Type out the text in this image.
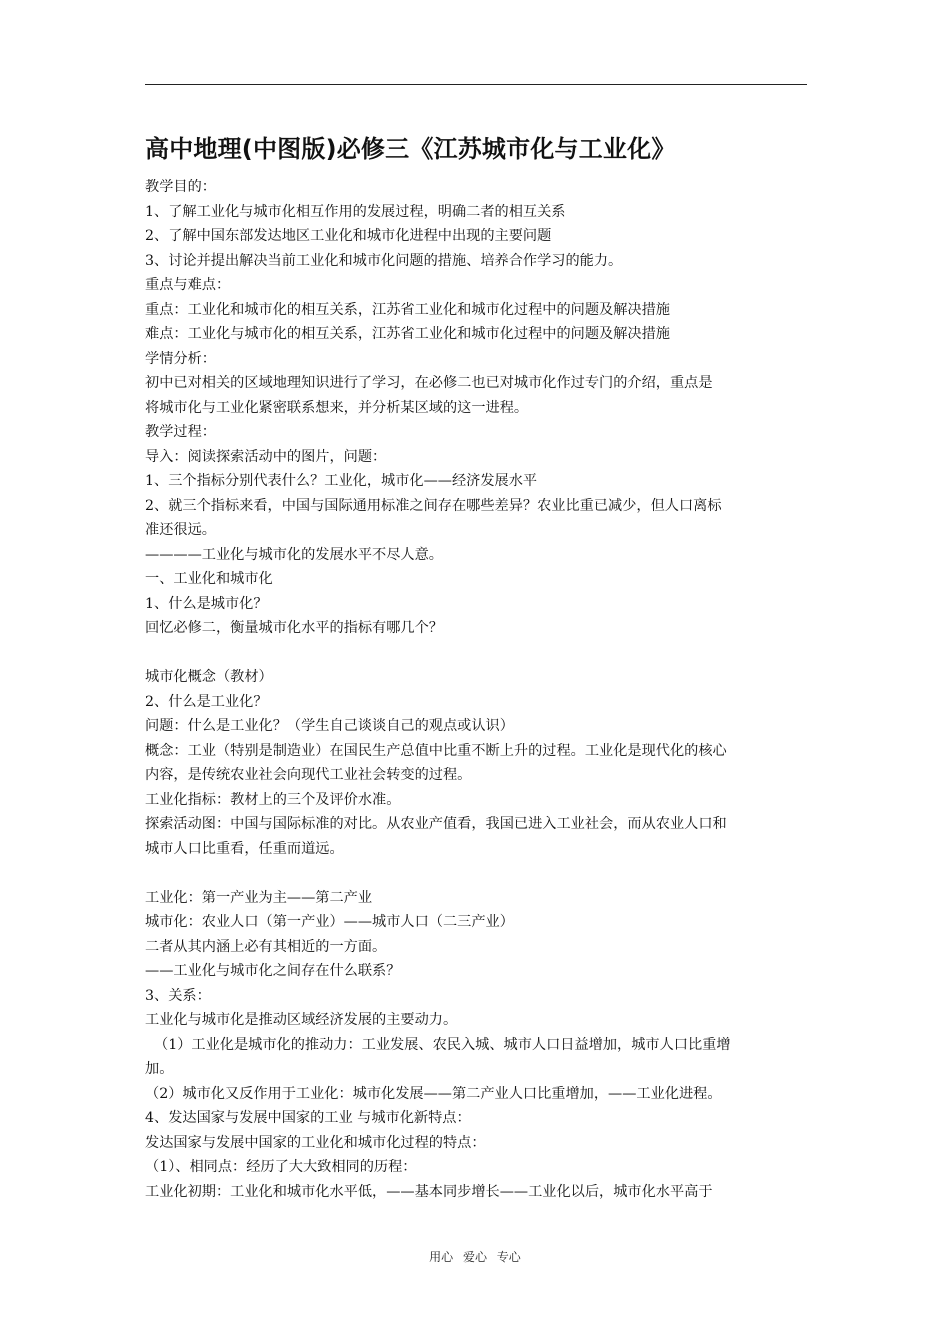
高中地理(中图版)必修三《江苏城市化与工业化》
教学目的：
1、了解工业化与城市化相互作用的发展过程，明确二者的相互关系
2、了解中国东部发达地区工业化和城市化进程中出现的主要问题
3、讨论并提出解决当前工业化和城市化问题的措施、培养合作学习的能力。
重点与难点：
重点：工业化和城市化的相互关系，江苏省工业化和城市化过程中的问题及解决措施
难点：工业化与城市化的相互关系，江苏省工业化和城市化过程中的问题及解决措施
学情分析：
初中已对相关的区域地理知识进行了学习，在必修二也已对城市化作过专门的介绍，重点是
将城市化与工业化紧密联系想来，并分析某区域的这一进程。
教学过程：
导入：阅读探索活动中的图片，问题：
1、三个指标分别代表什么？工业化，城市化——经济发展水平
2、就三个指标来看，中国与国际通用标准之间存在哪些差异？农业比重已减少，但人口离标
准还很远。
————工业化与城市化的发展水平不尽人意。
一、工业化和城市化
1、什么是城市化？
回忆必修二，衡量城市化水平的指标有哪几个？
城市化概念（教材）
2、什么是工业化？
问题：什么是工业化？（学生自己谈谈自己的观点或认识）
概念：工业（特别是制造业）在国民生产总值中比重不断上升的过程。工业化是现代化的核心
内容，是传统农业社会向现代工业社会转变的过程。
工业化指标：教材上的三个及评价水准。
探索活动图：中国与国际标准的对比。从农业产值看，我国已进入工业社会，而从农业人口和
城市人口比重看，任重而道远。
工业化：第一产业为主——第二产业
城市化：农业人口（第一产业）——城市人口（二三产业）
二者从其内涵上必有其相近的一方面。
——工业化与城市化之间存在什么联系？
3、关系：
工业化与城市化是推动区域经济发展的主要动力。
（1）工业化是城市化的推动力：工业发展、农民入城、城市人口日益增加，城市人口比重增
加。
（2）城市化又反作用于工业化：城市化发展——第二产业人口比重增加，——工业化进程。
4、发达国家与发展中国家的工业 与城市化新特点：
发达国家与发展中国家的工业化和城市化过程的特点：
（1）、相同点：经历了大大致相同的历程：
工业化初期：工业化和城市化水平低，——基本同步增长——工业化以后，城市化水平高于
用心 爱心 专心
